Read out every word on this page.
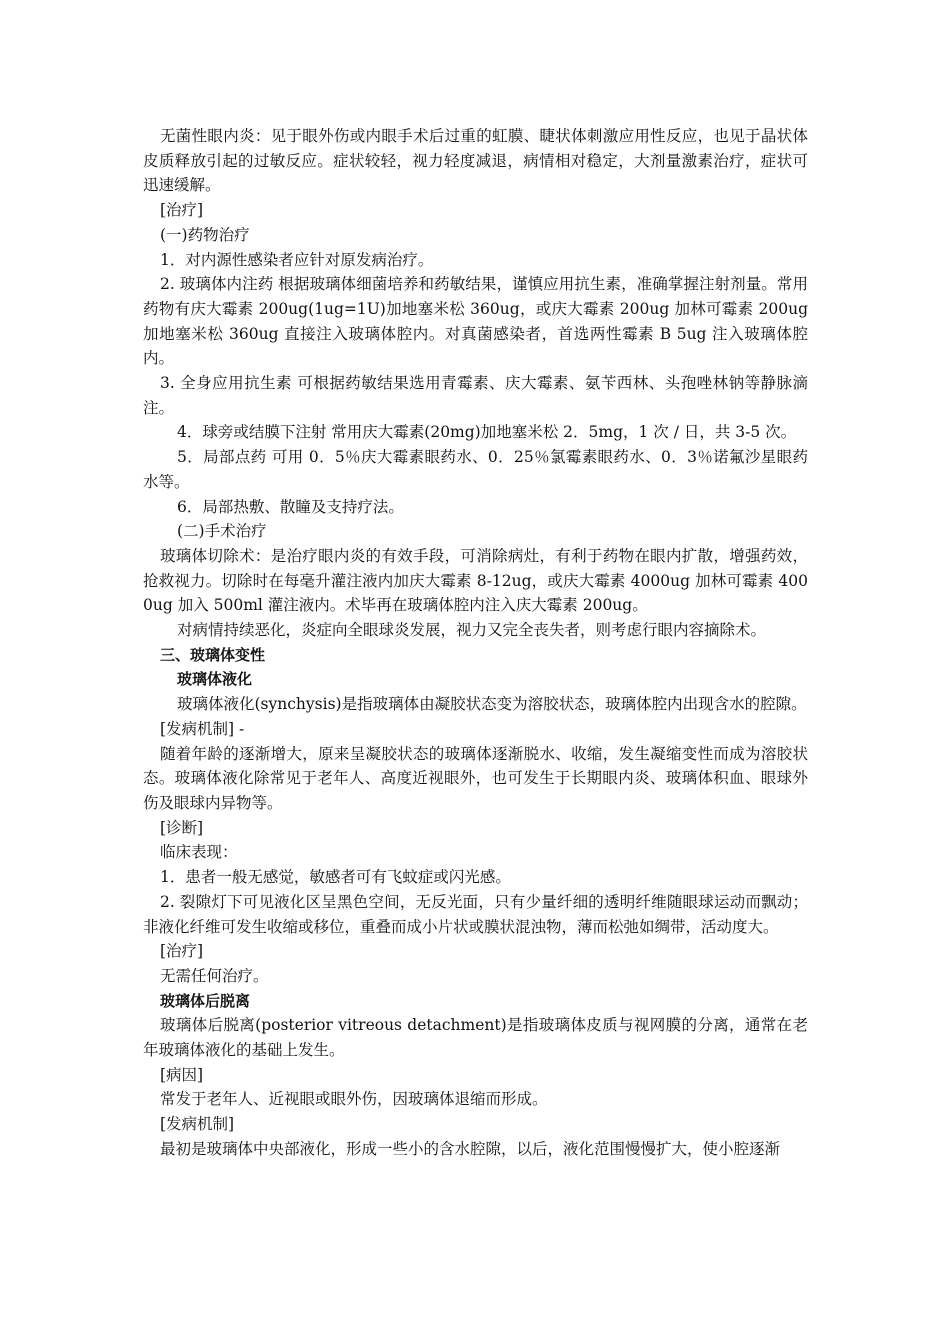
无菌性眼内炎：见于眼外伤或内眼手术后过重的虹膜、睫状体刺激应用性反应，也见于晶状体皮质释放引起的过敏反应。症状较轻，视力轻度减退，病情相对稳定，大剂量激素治疗，症状可迅速缓解。

[治疗]

(一)药物治疗

1．对内源性感染者应针对原发病治疗。

2. 玻璃体内注药 根据玻璃体细菌培养和药敏结果，谨慎应用抗生素，准确掌握注射剂量。常用药物有庆大霉素 200ug(1ug=1U)加地塞米松 360ug，或庆大霉素 200ug 加林可霉素 200ug 加地塞米松 360ug 直接注入玻璃体腔内。对真菌感染者，首选两性霉素 B 5ug 注入玻璃体腔内。

3. 全身应用抗生素 可根据药敏结果选用青霉素、庆大霉素、氨苄西林、头孢唑林钠等静脉滴注。

4．球旁或结膜下注射 常用庆大霉素(20mg)加地塞米松 2．5mg，1 次 / 日，共 3-5 次。

5．局部点药 可用 0．5％庆大霉素眼药水、0．25％氯霉素眼药水、0．3％诺氟沙星眼药水等。

6．局部热敷、散瞳及支持疗法。

(二)手术治疗

玻璃体切除术：是治疗眼内炎的有效手段，可消除病灶，有利于药物在眼内扩散，增强药效，抢救视力。切除时在每毫升灌注液内加庆大霉素 8-12ug，或庆大霉素 4000ug 加林可霉素 4000ug 加入 500ml 灌注液内。术毕再在玻璃体腔内注入庆大霉素 200ug。

对病情持续恶化，炎症向全眼球炎发展，视力又完全丧失者，则考虑行眼内容摘除术。

三、玻璃体变性

玻璃体液化

玻璃体液化(synchysis)是指玻璃体由凝胶状态变为溶胶状态，玻璃体腔内出现含水的腔隙。

[发病机制] -

随着年龄的逐渐增大，原来呈凝胶状态的玻璃体逐渐脱水、收缩，发生凝缩变性而成为溶胶状态。玻璃体液化除常见于老年人、高度近视眼外，也可发生于长期眼内炎、玻璃体积血、眼球外伤及眼球内异物等。

[诊断]

临床表现：

1．患者一般无感觉，敏感者可有飞蚊症或闪光感。

2. 裂隙灯下可见液化区呈黑色空间，无反光面，只有少量纤细的透明纤维随眼球运动而飘动；非液化纤维可发生收缩或移位，重叠而成小片状或膜状混浊物，薄而松弛如绸带，活动度大。

[治疗]

无需任何治疗。

玻璃体后脱离

玻璃体后脱离(posterior vitreous detachment)是指玻璃体皮质与视网膜的分离，通常在老年玻璃体液化的基础上发生。

[病因]

常发于老年人、近视眼或眼外伤，因玻璃体退缩而形成。

[发病机制]

最初是玻璃体中央部液化，形成一些小的含水腔隙，以后，液化范围慢慢扩大，使小腔逐渐
